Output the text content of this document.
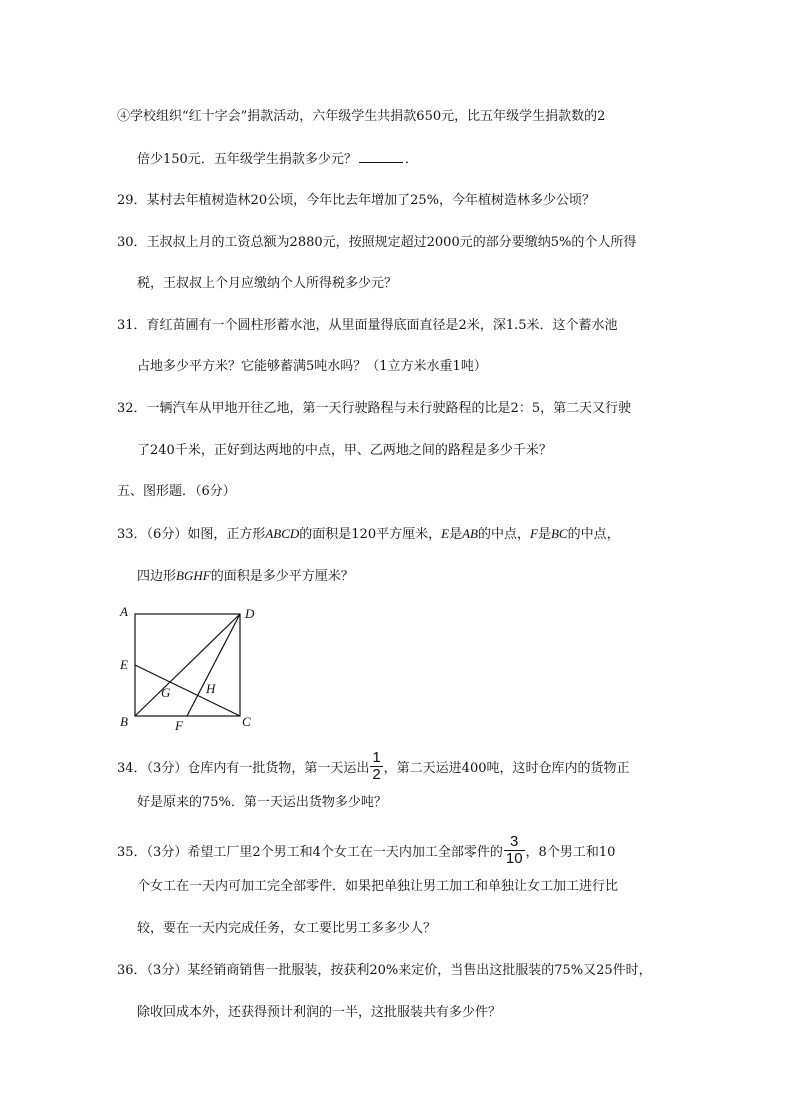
④学校组织“红十字会”捐款活动，六年级学生共捐款650元，比五年级学生捐款数的2
倍少150元．五年级学生捐款多少元？	．
29．某村去年植树造林20公顷，今年比去年增加了25%，今年植树造林多少公顷？
30．王叔叔上月的工资总额为2880元，按照规定超过2000元的部分要缴纳5%的个人所得
税，王叔叔上个月应缴纳个人所得税多少元？
31．育红苗圃有一个圆柱形蓄水池，从里面量得底面直径是2米，深1.5米．这个蓄水池
占地多少平方米？它能够蓄满5吨水吗？（1立方米水重1吨）
32．一辆汽车从甲地开往乙地，第一天行驶路程与未行驶路程的比是2：5，第二天又行驶
了240千米，正好到达两地的中点，甲、乙两地之间的路程是多少千米？
五、图形题．（6分）
33．（6分）如图，正方形ABCD的面积是120平方厘米，E是AB的中点，F是BC的中点，
四边形BGHF的面积是多少平方厘米？
A	D
E
G	H
B	F	C
34．（3分）仓库内有一批货物，第一天运出 $\frac{1}{2}$ ，第二天运进400吨，这时仓库内的货物正
好是原来的75%．第一天运出货物多少吨？
35．（3分）希望工厂里2个男工和4个女工在一天内加工全部零件的 $\frac{3}{10}$ ，8个男工和10
个女工在一天内可加工完全部零件．如果把单独让男工加工和单独让女工加工进行比
较，要在一天内完成任务，女工要比男工多多少人？
36．（3分）某经销商销售一批服装，按获利20%来定价，当售出这批服装的75%又25件时，
除收回成本外，还获得预计利润的一半，这批服装共有多少件？
